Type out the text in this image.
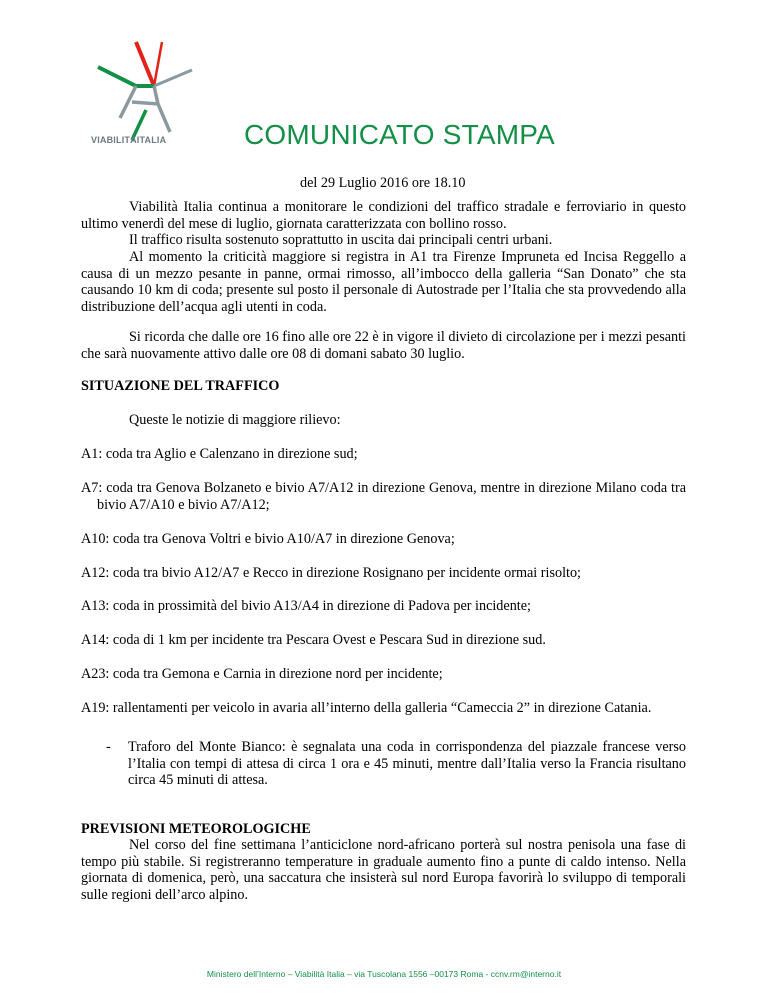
VIABILITÀITALIA	COMUNICATO STAMPA
del 29 Luglio 2016 ore 18.10

Viabilità Italia continua a monitorare le condizioni del traffico stradale e ferroviario in questo ultimo venerdì del mese di luglio, giornata caratterizzata con bollino rosso.

Il traffico risulta sostenuto soprattutto in uscita dai principali centri urbani.

Al momento la criticità maggiore si registra in A1 tra Firenze Impruneta ed Incisa Reggello a causa di un mezzo pesante in panne, ormai rimosso, all’imbocco della galleria “San Donato” che sta causando 10 km di coda; presente sul posto il personale di Autostrade per l’Italia che sta provvedendo alla distribuzione dell’acqua agli utenti in coda.

Si ricorda che dalle ore 16 fino alle ore 22 è in vigore il divieto di circolazione per i mezzi pesanti che sarà nuovamente attivo dalle ore 08 di domani sabato 30 luglio.

SITUAZIONE DEL TRAFFICO

Queste le notizie di maggiore rilievo:

A1: coda tra Aglio e Calenzano in direzione sud;

A7: coda tra Genova Bolzaneto e bivio A7/A12 in direzione Genova, mentre in direzione Milano coda tra bivio A7/A10 e bivio A7/A12;

A10: coda tra Genova Voltri e bivio A10/A7 in direzione Genova;

A12: coda tra bivio A12/A7 e Recco in direzione Rosignano per incidente ormai risolto;

A13: coda in prossimità del bivio A13/A4 in direzione di Padova per incidente;

A14: coda di 1 km per incidente tra Pescara Ovest e Pescara Sud in direzione sud.

A23: coda tra Gemona e Carnia in direzione nord per incidente;

A19: rallentamenti per veicolo in avaria all’interno della galleria “Cameccia 2” in direzione Catania.

- Traforo del Monte Bianco: è segnalata una coda in corrispondenza del piazzale francese verso l’Italia con tempi di attesa di circa 1 ora e 45 minuti, mentre dall’Italia verso la Francia risultano circa 45 minuti di attesa.

PREVISIONI METEOROLOGICHE

Nel corso del fine settimana l’anticiclone nord-africano porterà sul nostra penisola una fase di tempo più stabile. Si registreranno temperature in graduale aumento fino a punte di caldo intenso. Nella giornata di domenica, però, una saccatura che insisterà sul nord Europa favorirà lo sviluppo di temporali sulle regioni dell’arco alpino.

Ministero dell’Interno – Viabilità Italia – via Tuscolana 1556 –00173 Roma - ccnv.rm@interno.it
